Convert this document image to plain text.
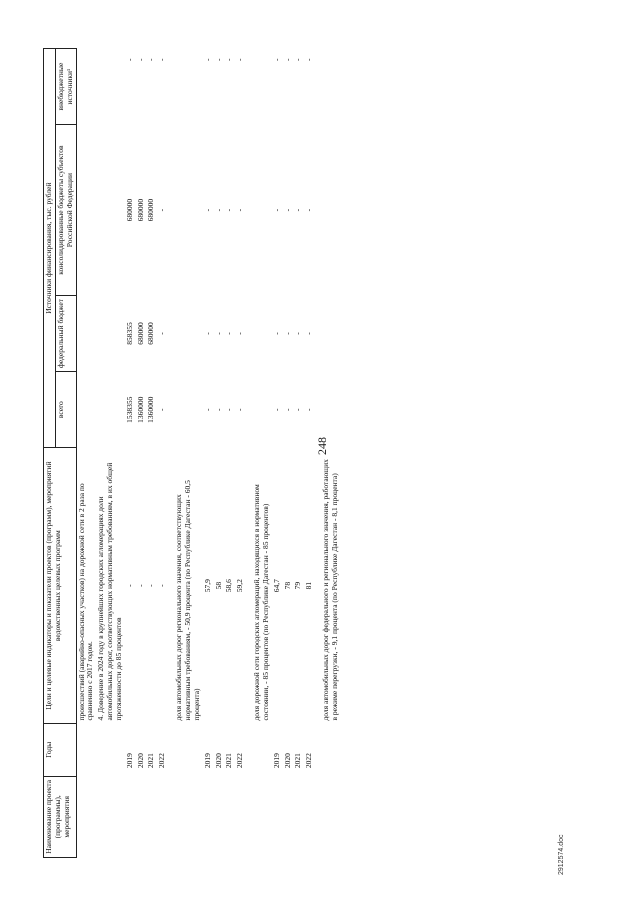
248
2912574.doc
Наименование проекта (программы), мероприятия	Годы	Цели и целевые индикаторы и показатели проектов (программ), мероприятий ведомственных целевых программ	Источники финансирования, тыс. рублей			
			всего	федеральный бюджет	консолидированные бюджеты субъектов Российской Федерации	внебюджетные источники¹
		происшествий (аварийно-опасных участков) на дорожной сети в 2 раза по сравнению с 2017 годом.				
		4. Доведение в 2024 году в крупнейших городских агломерациях доли автомобильных дорог, соответствующих нормативным требованиям, в их общей протяженности до 85 процентов				
	2019	-	1538355	858355	680000	-
	2020	-	1360000	680000	680000	-
	2021	-	1360000	680000	680000	-
	2022	-	-	-	-	-

		доля автомобильных дорог регионального значения, соответствующих нормативным требованиям, - 50,9 процента (по Республике Дагестан - 60,5 процента)				
	2019	57,9	-	-	-	-
	2020	58	-	-	-	-
	2021	58,6	-	-	-	-
	2022	59,2	-	-	-	-

		доля дорожной сети городских агломераций, находящихся в нормативном состоянии, - 85 процентов (по Республике Дагестан - 85 процентов)				
	2019	64,7	-	-	-	-
	2020	78	-	-	-	-
	2021	79	-	-	-	-
	2022	81	-	-	-	-

		доля автомобильных дорог федерального и регионального значения, работающих в режиме перегрузки, - 9,1 процента (по Республике Дагестан - 8,1 процента)				
